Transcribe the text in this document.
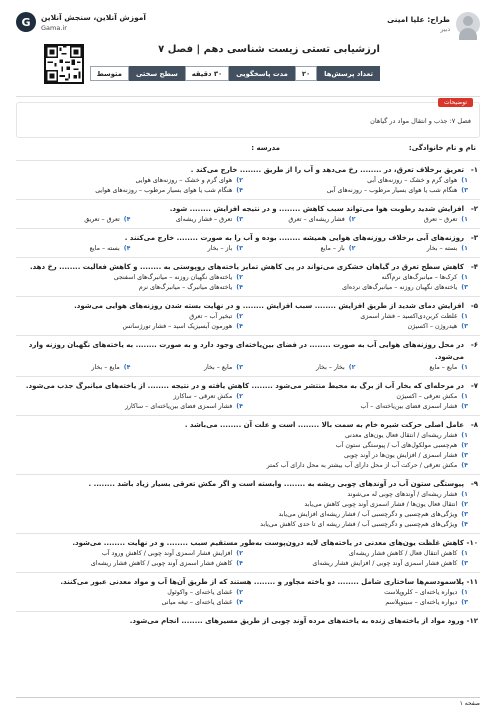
طراح: علیا امینی
دبیر
G	آموزش آنلاین، سنجش آنلاین
Gama.ir
ارزشیابی تستی زیست شناسی دهم | فصل ۷
تعداد پرسش‌ها
۲۰
مدت پاسخگویی
۳۰ دقیقه
سطح سختی
متوسط
توضیحات
فصل ۷: جذب و انتقال مواد در گیاهان
نام و نام خانوادگی:
مدرسه :
۱-
تعریق برخلاف تعرق، در ........ رخ می‌دهد و آب را از طریق ........ خارج می‌کند .
۱)
هوای گرم و خشک – روزنه‌های آبی
۲)
هوای گرم و خشک – روزنه‌های هوایی
۳)
هنگام شب یا هوای بسیار مرطوب – روزنه‌های آبی
۴)
هنگام شب یا هوای بسیار مرطوب – روزنه‌های هوایی
۲-
افزایش شدید رطوبت هوا می‌تواند سبب کاهش ........ و در نتیجه افزایش ........ شود.
۱)
تعرق – تعرق
۲)
فشار ریشه‌ای – تعرق
۳)
تعرق – فشار ریشه‌ای
۴)
تعرق – تعریق
۳-
روزنه‌های آبی برخلاف روزنه‌های هوایی همیشه ........ بوده و آب را به صورت ........ خارج می‌کنند .
۱)
بسته – بخار
۲)
باز – مایع
۳)
باز – بخار
۴)
بسته – مایع
۴-
کاهش سطح تعرق در گیاهان خشکزی می‌تواند در پی کاهش تمایز یاخته‌های روپوستی به ........ و کاهش فعالیت ........ رخ دهد.
۱)
کرک‌ها – میانبرگ‌های نرم‌آگنه
۲)
یاخته‌های نگهبان روزنه – میانبرگ‌های اسفنجی
۳)
یاخته‌های نگهبان روزنه – میانبرگ‌های نرده‌ای
۴)
یاخته‌های میانبرگ – میانبرگ‌های نرم
۵-
افزایش دمای شدید از طریق افزایش ........ سبب افزایش ........ و در نهایت بسته شدن روزنه‌های هوایی می‌شود.
۱)
غلظت کربن‌دی‌اکسید – فشار اسمزی
۲)
تبخیر آب – تعرق
۳)
هیدروژن – اکسیژن
۴)
هورمون آبسیزیک اسید – فشار تورژسانس
۶-
در محل روزنه‌های هوایی آب به صورت ........ در فضای بین‌یاخته‌ای وجود دارد و به صورت ........ به یاخته‌های نگهبان روزنه وارد می‌شود.
۱)
مایع – مایع
۲)
بخار – بخار
۳)
مایع – بخار
۴)
مایع – بخار
۷-
در مرحله‌ای که بخار آب از برگ به محیط منتشر می‌شود ........ کاهش یافته و در نتیجه ........ از یاخته‌های میانبرگ جذب می‌شود.
۱)
مکش تعرقی – اکسیژن
۲)
مکش تعرقی – ساکارز
۳)
فشار اسمزی فضای بین‌یاخته‌ای – آب
۴)
فشار اسمزی فضای بین‌یاخته‌ای – ساکارز
۸-
عامل اصلی حرکت شیره خام به سمت بالا ........ است و علت آن ........ می‌باشد .
۱)
فشار ریشه‌ای / انتقال فعال یون‌های معدنی
۲)
هم‌چسبی مولکول‌های آب / پیوستگی ستون آب
۳)
فشار اسمزی / افزایش یون‌ها در آوند چوبی
۴)
مکش تعرقی / حرکت آب از محل دارای آب بیشتر به محل دارای آب کمتر
۹-
پیوستگی ستون آب در آوندهای چوبی ریشه به ........ وابسته است و اگر مکش تعرقی بسیار زیاد باشد ........ .
۱)
فشار ریشه‌ای / آوندهای چوبی له می‌شوند
۲)
انتقال فعال یون‌ها / فشار اسمزی آوند چوبی کاهش می‌یابد
۳)
ویژگی‌های هم‌چسبی و دگرچسبی آب / فشار ریشه‌ای افزایش می‌یابد
۴)
ویژگی‌های هم‌چسبی و دگرچسبی آب / فشار ریشه ای تا حدی کاهش می‌یابد
۱۰-
کاهش غلظت یون‌های معدنی در یاخته‌های لایه درون‌پوست به‌طور مستقیم سبب ........ و در نهایت ........ می‌شود.
۱)
کاهش انتقال فعال / کاهش فشار ریشه‌ای
۲)
افزایش فشار اسمزی آوند چوبی / کاهش ورود آب
۳)
کاهش فشار اسمزی آوند چوبی / افزایش فشار ریشه‌ای
۴)
کاهش فشار اسمزی آوند چوبی / کاهش فشار ریشه‌ای
۱۱-
پلاسمودسم‌ها ساختاری شامل ........ دو یاخته مجاور و ........ هستند که از طریق آن‌ها آب و مواد معدنی عبور می‌کنند.
۱)
دیواره یاخته‌ای – کلروپلاست
۲)
غشای یاخته‌ای – واکوئول
۳)
دیواره یاخته‌ای – سیتوپلاسم
۴)
غشای یاخته‌ای – تیغه میانی
۱۲-
ورود مواد از یاخته‌های زنده به یاخته‌های مرده آوند چوبی از طریق مسیرهای ........ انجام می‌شود.
صفحه ۱
